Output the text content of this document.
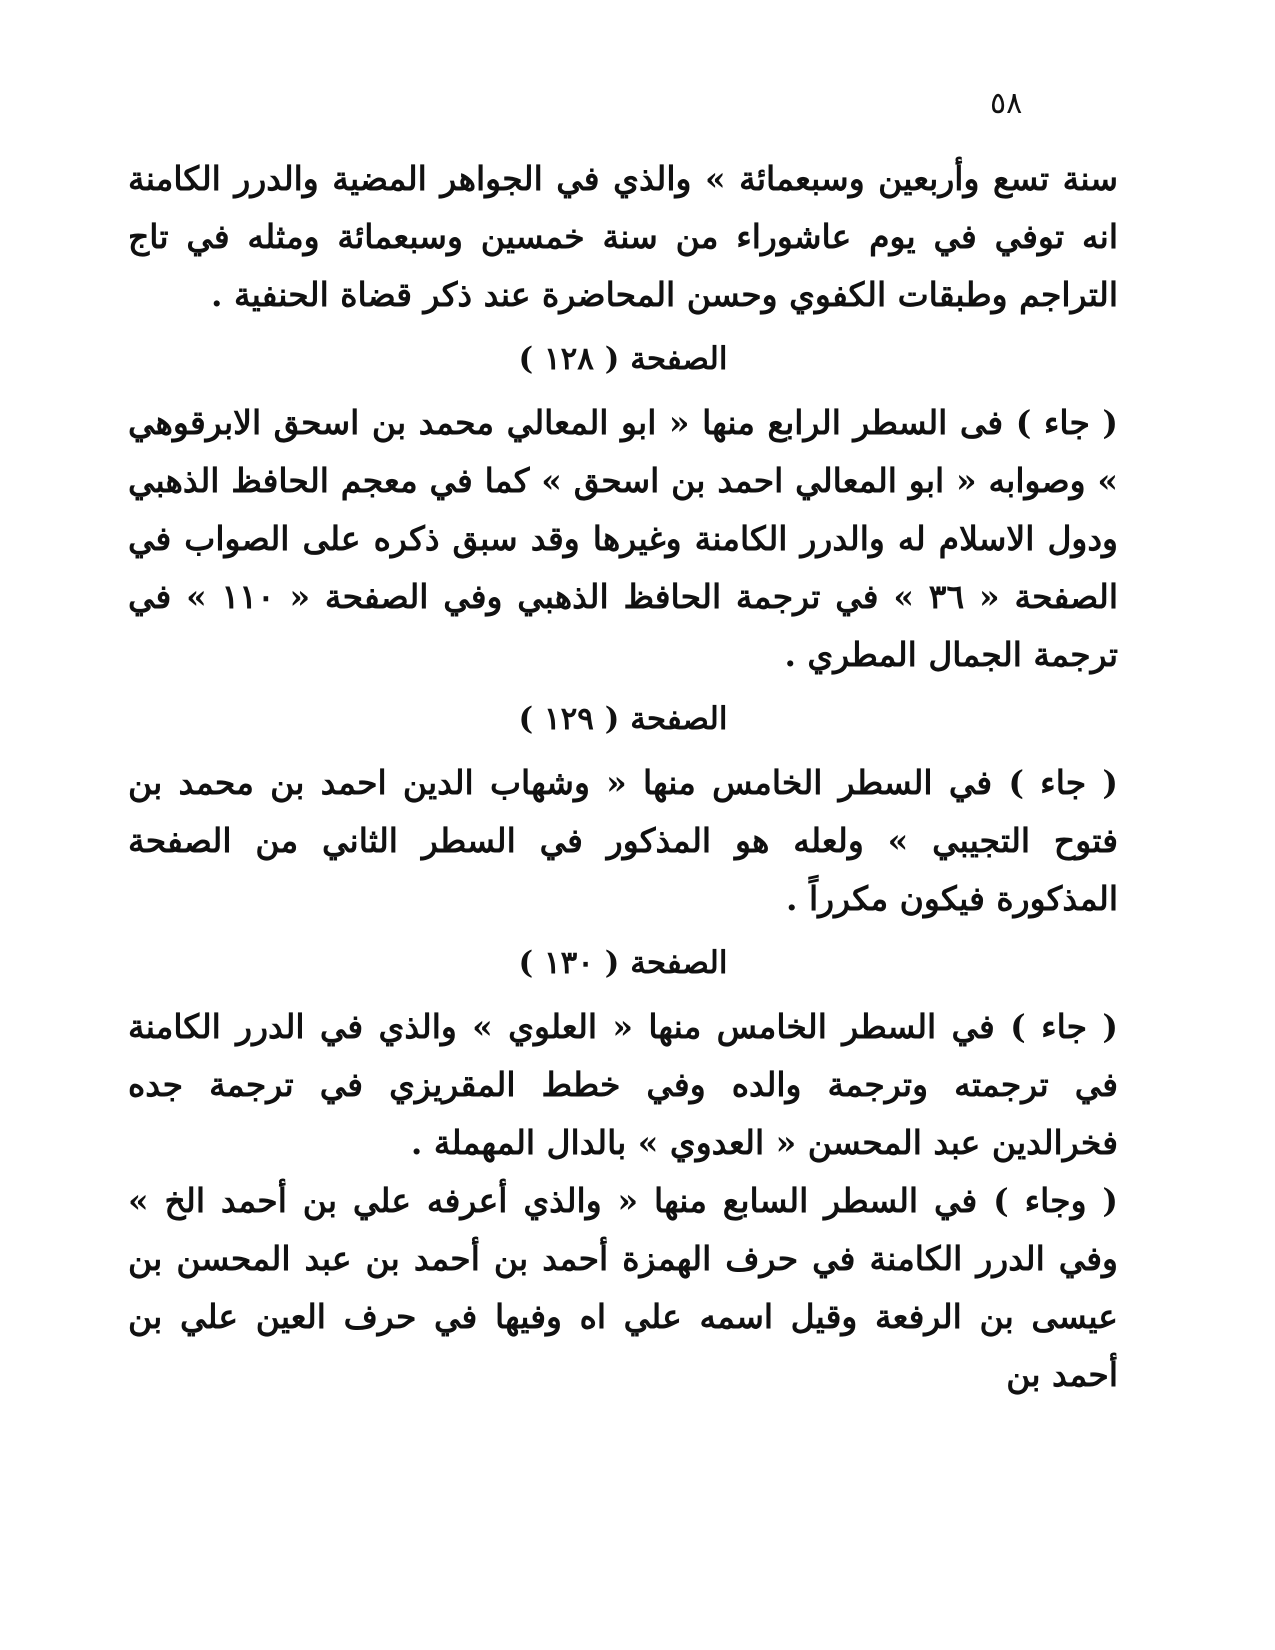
٥٨

سنة تسع وأربعين وسبعمائة » والذي في الجواهر المضية والدرر الكامنة انه توفي في يوم عاشوراء من سنة خمسين وسبعمائة ومثله في تاج التراجم وطبقات الكفوي وحسن المحاضرة عند ذكر قضاة الحنفية .

الصفحة ( ١٢٨ )

( جاء ) فى السطر الرابع منها « ابو المعالي محمد بن اسحق الابرقوهي » وصوابه « ابو المعالي احمد بن اسحق » كما في معجم الحافظ الذهبي ودول الاسلام له والدرر الكامنة وغيرها وقد سبق ذكره على الصواب في الصفحة « ٣٦ » في ترجمة الحافظ الذهبي وفي الصفحة « ١١٠ » في ترجمة الجمال المطري .

الصفحة ( ١٢٩ )

( جاء ) في السطر الخامس منها « وشهاب الدين احمد بن محمد بن فتوح التجيبي » ولعله هو المذكور في السطر الثاني من الصفحة المذكورة فيكون مكرراً .

الصفحة ( ١٣٠ )

( جاء ) في السطر الخامس منها « العلوي » والذي في الدرر الكامنة في ترجمته وترجمة والده وفي خطط المقريزي في ترجمة جده فخرالدين عبد المحسن « العدوي » بالدال المهملة .

( وجاء ) في السطر السابع منها « والذي أعرفه علي بن أحمد الخ » وفي الدرر الكامنة في حرف الهمزة أحمد بن أحمد بن عبد المحسن بن عيسى بن الرفعة وقيل اسمه علي اه وفيها في حرف العين علي بن أحمد بن
